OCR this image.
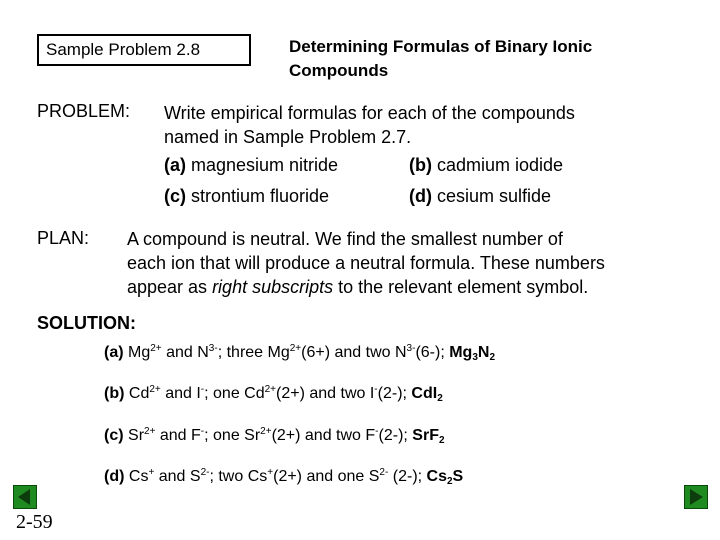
Sample Problem 2.8	Determining Formulas of Binary Ionic
Compounds
PROBLEM: Write empirical formulas for each of the compounds
named in Sample Problem 2.7.
(a) magnesium nitride	(b) cadmium iodide
(c) strontium fluoride	(d) cesium sulfide
PLAN: A compound is neutral. We find the smallest number of
each ion that will produce a neutral formula. These numbers
appear as right subscripts to the relevant element symbol.
SOLUTION:
(a) $Mg^{2+}$ and $N^{3-}$; three $Mg^{2+}(6+)$ and two $N^{3-}(6-)$; $Mg_3N_2$
(b) $Cd^{2+}$ and I-; one $Cd^{2+}(2+)$ and two I-(2-); CdI$_2$
(c) $Sr^{2+}$ and F-; one $Sr^{2+}(2+)$ and two F-(2-); SrF$_2$
(d) Cs+ and $S^{2-}$; two Cs+(2+) and one $S^{2-}$ (2-); $Cs_2S$
2-59
